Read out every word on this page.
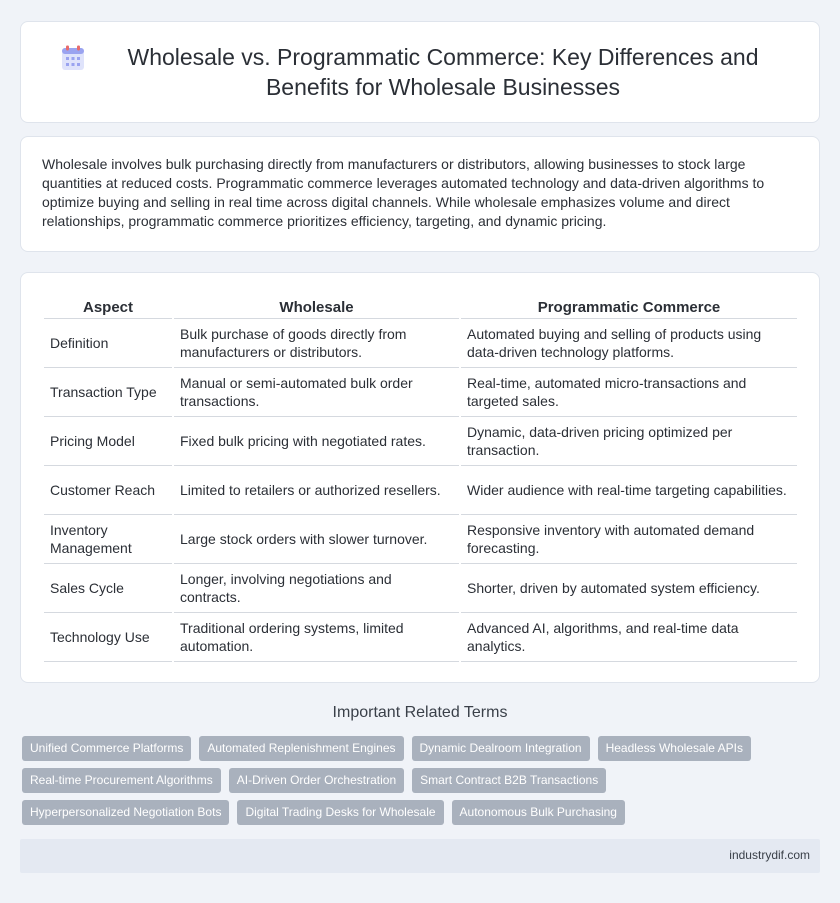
Wholesale vs. Programmatic Commerce: Key Differences and Benefits for Wholesale Businesses

Wholesale involves bulk purchasing directly from manufacturers or distributors, allowing businesses to stock large quantities at reduced costs. Programmatic commerce leverages automated technology and data-driven algorithms to optimize buying and selling in real time across digital channels. While wholesale emphasizes volume and direct relationships, programmatic commerce prioritizes efficiency, targeting, and dynamic pricing.

Aspect	Wholesale	Programmatic Commerce
Definition	Bulk purchase of goods directly from manufacturers or distributors.	Automated buying and selling of products using data-driven technology platforms.
Transaction Type	Manual or semi-automated bulk order transactions.	Real-time, automated micro-transactions and targeted sales.
Pricing Model	Fixed bulk pricing with negotiated rates.	Dynamic, data-driven pricing optimized per transaction.
Customer Reach	Limited to retailers or authorized resellers.	Wider audience with real-time targeting capabilities.
Inventory Management	Large stock orders with slower turnover.	Responsive inventory with automated demand forecasting.
Sales Cycle	Longer, involving negotiations and contracts.	Shorter, driven by automated system efficiency.
Technology Use	Traditional ordering systems, limited automation.	Advanced AI, algorithms, and real-time data analytics.
Important Related Terms
Unified Commerce Platforms	Automated Replenishment Engines	Dynamic Dealroom Integration	Headless Wholesale APIs
Real-time Procurement Algorithms	AI-Driven Order Orchestration	Smart Contract B2B Transactions
Hyperpersonalized Negotiation Bots	Digital Trading Desks for Wholesale	Autonomous Bulk Purchasing
industrydif.com
